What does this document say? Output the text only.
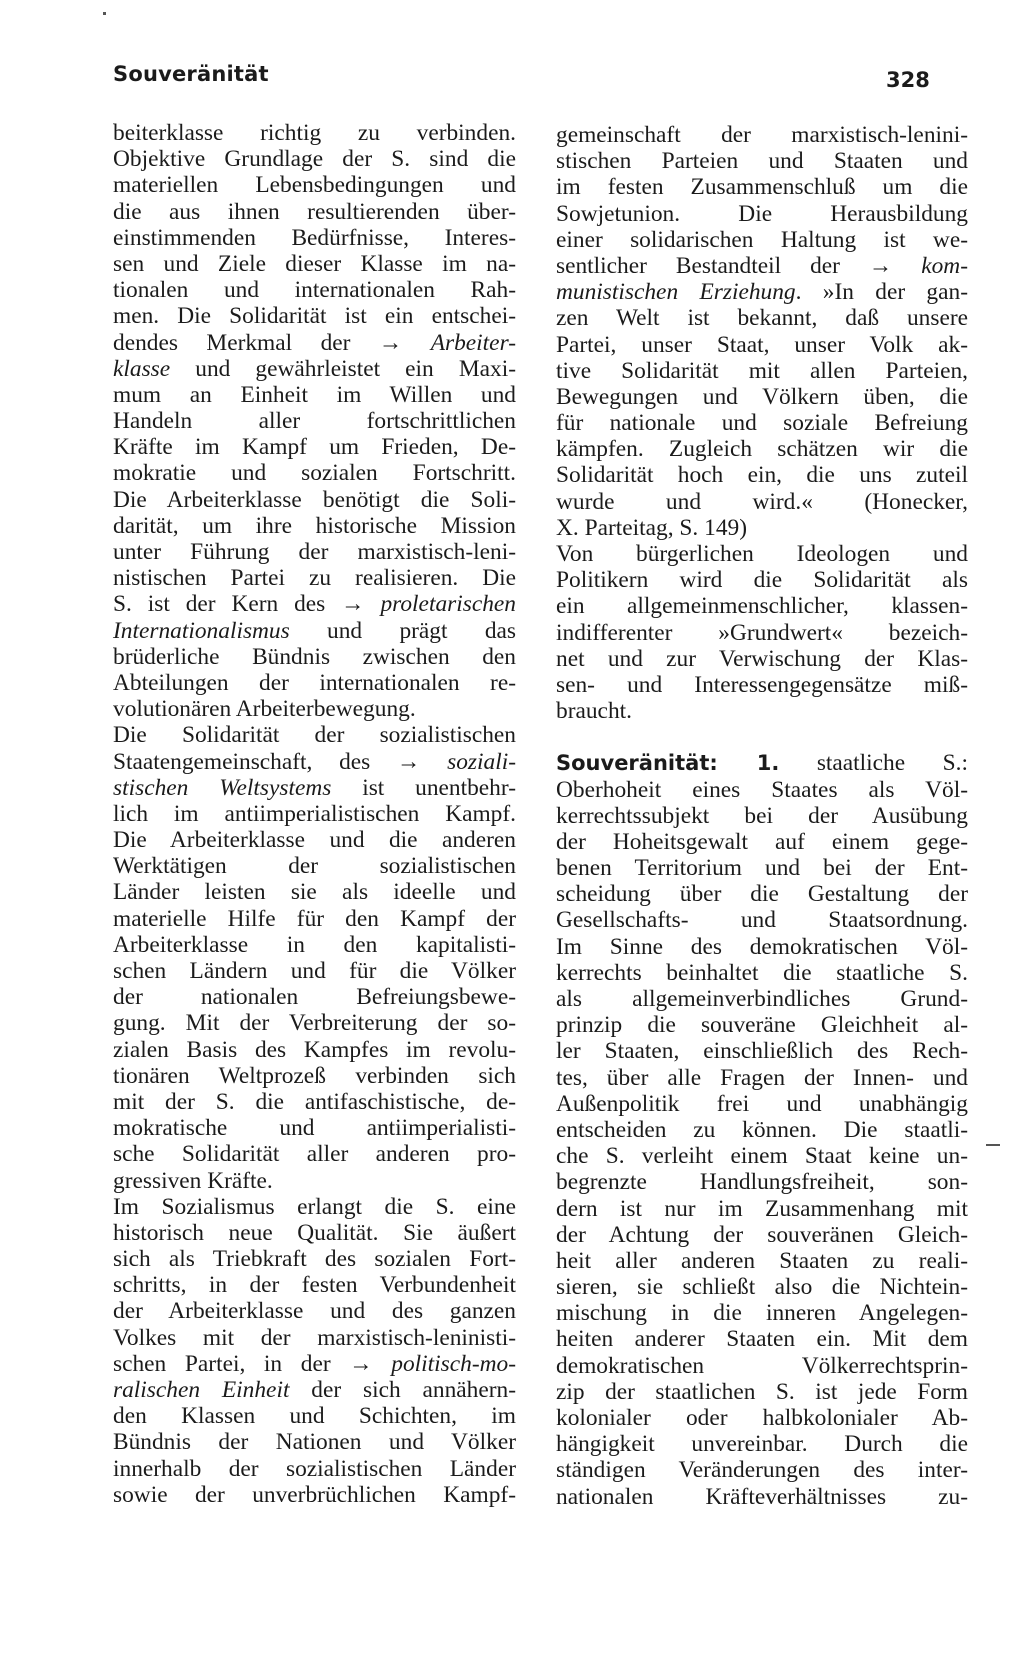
Souveränität	328
beiterklasse richtig zu verbinden.
Objektive Grundlage der S. sind die
materiellen Lebensbedingungen und
die aus ihnen resultierenden über-
einstimmenden Bedürfnisse, Interes-
sen und Ziele dieser Klasse im na-
tionalen und internationalen Rah-
men. Die Solidarität ist ein entschei-
dendes Merkmal der → Arbeiter-
klasse und gewährleistet ein Maxi-
mum an Einheit im Willen und
Handeln aller fortschrittlichen
Kräfte im Kampf um Frieden, De-
mokratie und sozialen Fortschritt.
Die Arbeiterklasse benötigt die Soli-
darität, um ihre historische Mission
unter Führung der marxistisch-leni-
nistischen Partei zu realisieren. Die
S. ist der Kern des → proletarischen
Internationalismus und prägt das
brüderliche Bündnis zwischen den
Abteilungen der internationalen re-
volutionären Arbeiterbewegung.
Die Solidarität der sozialistischen
Staatengemeinschaft, des → soziali-
stischen Weltsystems ist unentbehr-
lich im antiimperialistischen Kampf.
Die Arbeiterklasse und die anderen
Werktätigen der sozialistischen
Länder leisten sie als ideelle und
materielle Hilfe für den Kampf der
Arbeiterklasse in den kapitalisti-
schen Ländern und für die Völker
der nationalen Befreiungsbewe-
gung. Mit der Verbreiterung der so-
zialen Basis des Kampfes im revolu-
tionären Weltprozeß verbinden sich
mit der S. die antifaschistische, de-
mokratische und antiimperialisti-
sche Solidarität aller anderen pro-
gressiven Kräfte.
Im Sozialismus erlangt die S. eine
historisch neue Qualität. Sie äußert
sich als Triebkraft des sozialen Fort-
schritts, in der festen Verbundenheit
der Arbeiterklasse und des ganzen
Volkes mit der marxistisch-leninisti-
schen Partei, in der → politisch-mo-
ralischen Einheit der sich annähern-
den Klassen und Schichten, im
Bündnis der Nationen und Völker
innerhalb der sozialistischen Länder
sowie der unverbrüchlichen Kampf-
gemeinschaft der marxistisch-lenini-
stischen Parteien und Staaten und
im festen Zusammenschluß um die
Sowjetunion. Die Herausbildung
einer solidarischen Haltung ist we-
sentlicher Bestandteil der → kom-
munistischen Erziehung. »In der gan-
zen Welt ist bekannt, daß unsere
Partei, unser Staat, unser Volk ak-
tive Solidarität mit allen Parteien,
Bewegungen und Völkern üben, die
für nationale und soziale Befreiung
kämpfen. Zugleich schätzen wir die
Solidarität hoch ein, die uns zuteil
wurde und wird.« (Honecker,
X. Parteitag, S. 149)
Von bürgerlichen Ideologen und
Politikern wird die Solidarität als
ein allgemeinmenschlicher, klassen-
indifferenter »Grundwert« bezeich-
net und zur Verwischung der Klas-
sen- und Interessengegensätze miß-
braucht.
Souveränität: 1. staatliche S.:
Oberhoheit eines Staates als Völ-
kerrechtssubjekt bei der Ausübung
der Hoheitsgewalt auf einem gege-
benen Territorium und bei der Ent-
scheidung über die Gestaltung der
Gesellschafts- und Staatsordnung.
Im Sinne des demokratischen Völ-
kerrechts beinhaltet die staatliche S.
als allgemeinverbindliches Grund-
prinzip die souveräne Gleichheit al-
ler Staaten, einschließlich des Rech-
tes, über alle Fragen der Innen- und
Außenpolitik frei und unabhängig
entscheiden zu können. Die staatli-
che S. verleiht einem Staat keine un-
begrenzte Handlungsfreiheit, son-
dern ist nur im Zusammenhang mit
der Achtung der souveränen Gleich-
heit aller anderen Staaten zu reali-
sieren, sie schließt also die Nichtein-
mischung in die inneren Angelegen-
heiten anderer Staaten ein. Mit dem
demokratischen Völkerrechtsprin-
zip der staatlichen S. ist jede Form
kolonialer oder halbkolonialer Ab-
hängigkeit unvereinbar. Durch die
ständigen Veränderungen des inter-
nationalen Kräfteverhältnisses zu-
